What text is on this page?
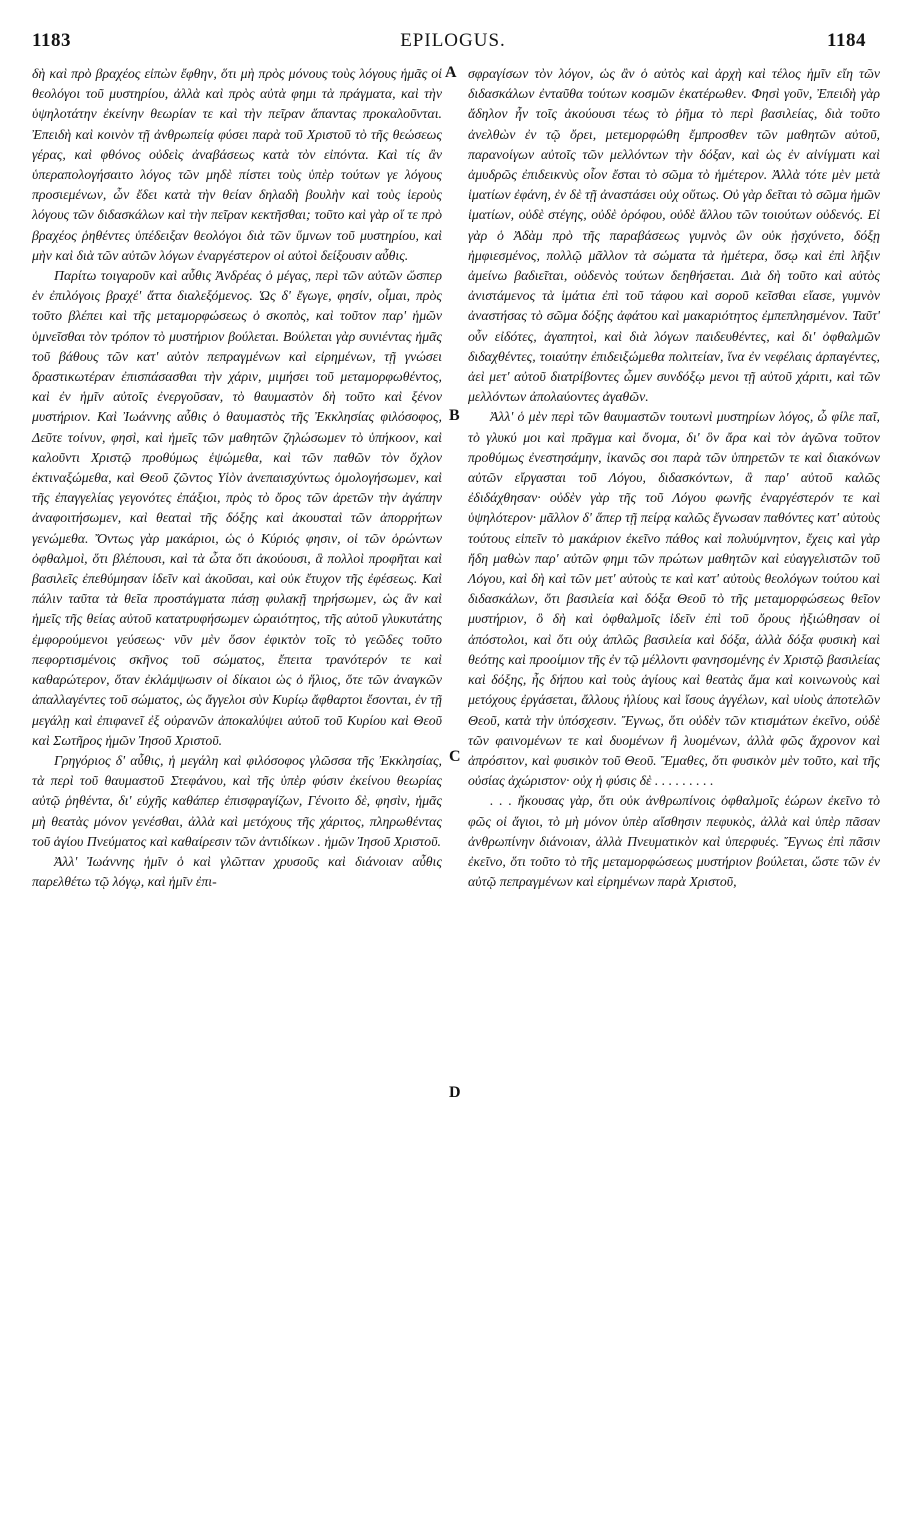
1183	EPILOGUS.	1184

δὴ καὶ πρὸ βραχέος εἰπὼν ἔφθην, ὅτι μὴ πρὸς μόνους τοὺς λόγους ἡμᾶς οἱ θεολόγοι τοῦ μυστηρίου, ἀλλὰ καὶ πρὸς αὐτὰ φημι τὰ πράγματα, καὶ τὴν ὑψηλοτάτην ἐκείνην θεωρίαν τε καὶ τὴν πεῖραν ἅπαντας προκαλοῦνται. Ἐπειδὴ καὶ κοινὸν τῇ ἀνθρωπείᾳ φύσει παρὰ τοῦ Χριστοῦ τὸ τῆς θεώσεως γέρας, καὶ φθόνος οὐδεὶς ἀναβάσεως κατὰ τὸν εἰπόντα. Καὶ τίς ἂν ὑπεραπολογήσαιτο λόγος τῶν μηδὲ πίστει τοὺς ὑπὲρ τούτων γε λόγους προσιεμένων, ὧν ἔδει κατὰ τὴν θείαν δηλαδὴ βουλὴν καὶ τοὺς ἱεροὺς λόγους τῶν διδασκάλων καὶ τὴν πεῖραν κεκτῆσθαι; τοῦτο καὶ γὰρ οἵ τε πρὸ βραχέος ῥηθέντες ὑπέδειξαν θεολόγοι διὰ τῶν ὕμνων τοῦ μυστηρίου, καὶ μὴν καὶ διὰ τῶν αὐτῶν λόγων ἐναργέστερον οἱ αὐτοὶ δείξουσιν αὖθις.

Παρίτω τοιγαροῦν καὶ αὖθις Ἀνδρέας ὁ μέγας, περὶ τῶν αὐτῶν ὥσπερ ἐν ἐπιλόγοις βραχέ' ἄττα διαλεξόμενος. Ὡς δ' ἔγωγε, φησίν, οἶμαι, πρὸς τοῦτο βλέπει καὶ τῆς μεταμορφώσεως ὁ σκοπὸς, καὶ τοῦτον παρ' ἡμῶν ὑμνεῖσθαι τὸν τρόπον τὸ μυστήριον βούλεται. Βούλεται γὰρ συνιέντας ἡμᾶς τοῦ βάθους τῶν κατ' αὐτὸν πεπραγμένων καὶ εἰρημένων, τῇ γνώσει δραστικωτέραν ἐπισπάσασθαι τὴν χάριν, μιμήσει τοῦ μεταμορφωθέντος, καὶ ἐν ἡμῖν αὐτοῖς ἐνεργοῦσαν, τὸ θαυμαστὸν δὴ τοῦτο καὶ ξένον μυστήριον. Καὶ Ἰωάννης αὖθις ὁ θαυμαστὸς τῆς Ἐκκλησίας φιλόσοφος, Δεῦτε τοίνυν, φησὶ, καὶ ἡμεῖς τῶν μαθητῶν ζηλώσωμεν τὸ ὑπήκοον, καὶ καλοῦντι Χριστῷ προθύμως ἑψώμεθα, καὶ τῶν παθῶν τὸν ὄχλον ἐκτιναξώμεθα, καὶ Θεοῦ ζῶντος Υἱὸν ἀνεπαισχύντως ὁμολογήσωμεν, καὶ τῆς ἐπαγγελίας γεγονότες ἐπάξιοι, πρὸς τὸ ὄρος τῶν ἀρετῶν τὴν ἀγάπην ἀναφοιτήσωμεν, καὶ θεαταὶ τῆς δόξης καὶ ἀκουσταὶ τῶν ἀπορρήτων γενώμεθα. Ὄντως γὰρ μακάριοι, ὡς ὁ Κύριός φησιν, οἱ τῶν ὁρώντων ὀφθαλμοὶ, ὅτι βλέπουσι, καὶ τὰ ὦτα ὅτι ἀκούουσι, ἃ πολλοὶ προφῆται καὶ βασιλεῖς ἐπεθύμησαν ἰδεῖν καὶ ἀκοῦσαι, καὶ οὐκ ἔτυχον τῆς ἐφέσεως. Καὶ πάλιν ταῦτα τὰ θεῖα προστάγματα πάσῃ φυλακῇ τηρήσωμεν, ὡς ἂν καὶ ἡμεῖς τῆς θείας αὐτοῦ κατατρυφήσωμεν ὡραιότητος, τῆς αὐτοῦ γλυκυτάτης ἐμφορούμενοι γεύσεως· νῦν μὲν ὅσον ἐφικτὸν τοῖς τὸ γεῶδες τοῦτο πεφορτισμένοις σκῆνος τοῦ σώματος, ἔπειτα τρανότερόν τε καὶ καθαρώτερον, ὅταν ἐκλάμψωσιν οἱ δίκαιοι ὡς ὁ ἥλιος, ὅτε τῶν ἀναγκῶν ἀπαλλαγέντες τοῦ σώματος, ὡς ἄγγελοι σὺν Κυρίῳ ἄφθαρτοι ἔσονται, ἐν τῇ μεγάλῃ καὶ ἐπιφανεῖ ἐξ οὐρανῶν ἀποκαλύψει αὐτοῦ τοῦ Κυρίου καὶ Θεοῦ καὶ Σωτῆρος ἡμῶν Ἰησοῦ Χριστοῦ.

Γρηγόριος δ' αὖθις, ἡ μεγάλη καὶ φιλόσοφος γλῶσσα τῆς Ἐκκλησίας, τὰ περὶ τοῦ θαυμαστοῦ Στεφάνου, καὶ τῆς ὑπὲρ φύσιν ἐκείνου θεωρίας αὐτῷ ῥηθέντα, δι' εὐχῆς καθάπερ ἐπισφραγίζων, Γένοιτο δὲ, φησὶν, ἡμᾶς μὴ θεατὰς μόνον γενέσθαι, ἀλλὰ καὶ μετόχους τῆς χάριτος, πληρωθέντας τοῦ ἁγίου Πνεύματος καὶ καθαίρεσιν τῶν ἀντιδίκων . ἡμῶν Ἰησοῦ Χριστοῦ.

Ἀλλ' Ἰωάννης ἡμῖν ὁ καὶ γλῶτταν χρυσοῦς καὶ διάνοιαν αὖθις παρελθέτω τῷ λόγῳ, καὶ ἡμῖν ἐπι-

A
B
C
D

σφραγίσων τὸν λόγον, ὡς ἂν ὁ αὐτὸς καὶ ἀρχὴ καὶ τέλος ἡμῖν εἴη τῶν διδασκάλων ἐνταῦθα τούτων κοσμῶν ἑκατέρωθεν. Φησὶ γοῦν, Ἐπειδὴ γὰρ ἄδηλον ἦν τοῖς ἀκούουσι τέως τὸ ῥῆμα τὸ περὶ βασιλείας, διὰ τοῦτο ἀνελθὼν ἐν τῷ ὄρει, μετεμορφώθη ἔμπροσθεν τῶν μαθητῶν αὐτοῦ, παρανοίγων αὐτοῖς τῶν μελλόντων τὴν δόξαν, καὶ ὡς ἐν αἰνίγματι καὶ ἀμυδρῶς ἐπιδεικνὺς οἷον ἔσται τὸ σῶμα τὸ ἡμέτερον. Ἀλλὰ τότε μὲν μετὰ ἱματίων ἐφάνη, ἐν δὲ τῇ ἀναστάσει οὐχ οὕτως. Οὐ γὰρ δεῖται τὸ σῶμα ἡμῶν ἱματίων, οὐδὲ στέγης, οὐδὲ ὀρόφου, οὐδὲ ἄλλου τῶν τοιούτων οὐδενός. Εἰ γὰρ ὁ Ἀδὰμ πρὸ τῆς παραβάσεως γυμνὸς ὢν οὐκ ᾐσχύνετο, δόξῃ ἠμφιεσμένος, πολλῷ μᾶλλον τὰ σώματα τὰ ἡμέτερα, ὅσῳ καὶ ἐπὶ λῆξιν ἀμείνω βαδιεῖται, οὐδενὸς τούτων δεηθήσεται. Διὰ δὴ τοῦτο καὶ αὐτὸς ἀνιστάμενος τὰ ἱμάτια ἐπὶ τοῦ τάφου καὶ σοροῦ κεῖσθαι εἴασε, γυμνὸν ἀναστήσας τὸ σῶμα δόξης ἀφάτου καὶ μακαριότητος ἐμπεπλησμένον. Ταῦτ' οὖν εἰδότες, ἀγαπητοὶ, καὶ διὰ λόγων παιδευθέντες, καὶ δι' ὀφθαλμῶν διδαχθέντες, τοιαύτην ἐπιδειξώμεθα πολιτείαν, ἵνα ἐν νεφέλαις ἁρπαγέντες, ἀεὶ μετ' αὐτοῦ διατρίβοντες ὦμεν συνδόξῳ μενοι τῇ αὐτοῦ χάριτι, καὶ τῶν μελλόντων ἀπολαύοντες ἀγαθῶν.

Ἀλλ' ὁ μὲν περὶ τῶν θαυμαστῶν τουτωνὶ μυστηρίων λόγος, ὦ φίλε παῖ, τὸ γλυκύ μοι καὶ πρᾶγμα καὶ ὄνομα, δι' ὃν ἄρα καὶ τὸν ἀγῶνα τοῦτον προθύμως ἐνεστησάμην, ἱκανῶς σοι παρὰ τῶν ὑπηρετῶν τε καὶ διακόνων αὐτῶν εἴργασται τοῦ Λόγου, διδασκόντων, ἃ παρ' αὐτοῦ καλῶς ἐδιδάχθησαν· οὐδὲν γὰρ τῆς τοῦ Λόγου φωνῆς ἐναργέστερόν τε καὶ ὑψηλότερον· μᾶλλον δ' ἅπερ τῇ πείρᾳ καλῶς ἔγνωσαν παθόντες κατ' αὐτοὺς τούτους εἰπεῖν τὸ μακάριον ἐκεῖνο πάθος καὶ πολυύμνητον, ἔχεις καὶ γὰρ ἤδη μαθὼν παρ' αὐτῶν φημι τῶν πρώτων μαθητῶν καὶ εὐαγγελιστῶν τοῦ Λόγου, καὶ δὴ καὶ τῶν μετ' αὐτοὺς τε καὶ κατ' αὐτοὺς θεολόγων τούτου καὶ διδασκάλων, ὅτι βασιλεία καὶ δόξα Θεοῦ τὸ τῆς μεταμορφώσεως θεῖον μυστήριον, ὃ δὴ καὶ ὀφθαλμοῖς ἰδεῖν ἐπὶ τοῦ ὄρους ἠξιώθησαν οἱ ἀπόστολοι, καὶ ὅτι οὐχ ἁπλῶς βασιλεία καὶ δόξα, ἀλλὰ δόξα φυσικὴ καὶ θεότης καὶ προοίμιον τῆς ἐν τῷ μέλλοντι φανησομένης ἐν Χριστῷ βασιλείας καὶ δόξης, ἧς δήπου καὶ τοὺς ἁγίους καὶ θεατὰς ἅμα καὶ κοινωνοὺς καὶ μετόχους ἐργάσεται, ἄλλους ἡλίους καὶ ἴσους ἀγγέλων, καὶ υἱοὺς ἀποτελῶν Θεοῦ, κατὰ τὴν ὑπόσχεσιν. Ἔγνως, ὅτι οὐδὲν τῶν κτισμάτων ἐκεῖνο, οὐδὲ τῶν φαινομένων τε καὶ δυομένων ἢ λυομένων, ἀλλὰ φῶς ἄχρονον καὶ ἀπρόσιτον, καὶ φυσικὸν τοῦ Θεοῦ. Ἔμαθες, ὅτι φυσικὸν μὲν τοῦτο, καὶ τῆς οὐσίας ἀχώριστον· οὐχ ἡ φύσις δὲ . . . . . . . . .

. . . ἤκουσας γὰρ, ὅτι οὐκ ἀνθρωπίνοις ὀφθαλμοῖς ἑώρων ἐκεῖνο τὸ φῶς οἱ ἅγιοι, τὸ μὴ μόνον ὑπὲρ αἴσθησιν πεφυκὸς, ἀλλὰ καὶ ὑπὲρ πᾶσαν ἀνθρωπίνην διάνοιαν, ἀλλὰ Πνευματικὸν καὶ ὑπερφυές. Ἔγνως ἐπὶ πᾶσιν ἐκεῖνο, ὅτι τοῦτο τὸ τῆς μεταμορφώσεως μυστήριον βούλεται, ὥστε τῶν ἐν αὐτῷ πεπραγμένων καὶ εἰρημένων παρὰ Χριστοῦ,
